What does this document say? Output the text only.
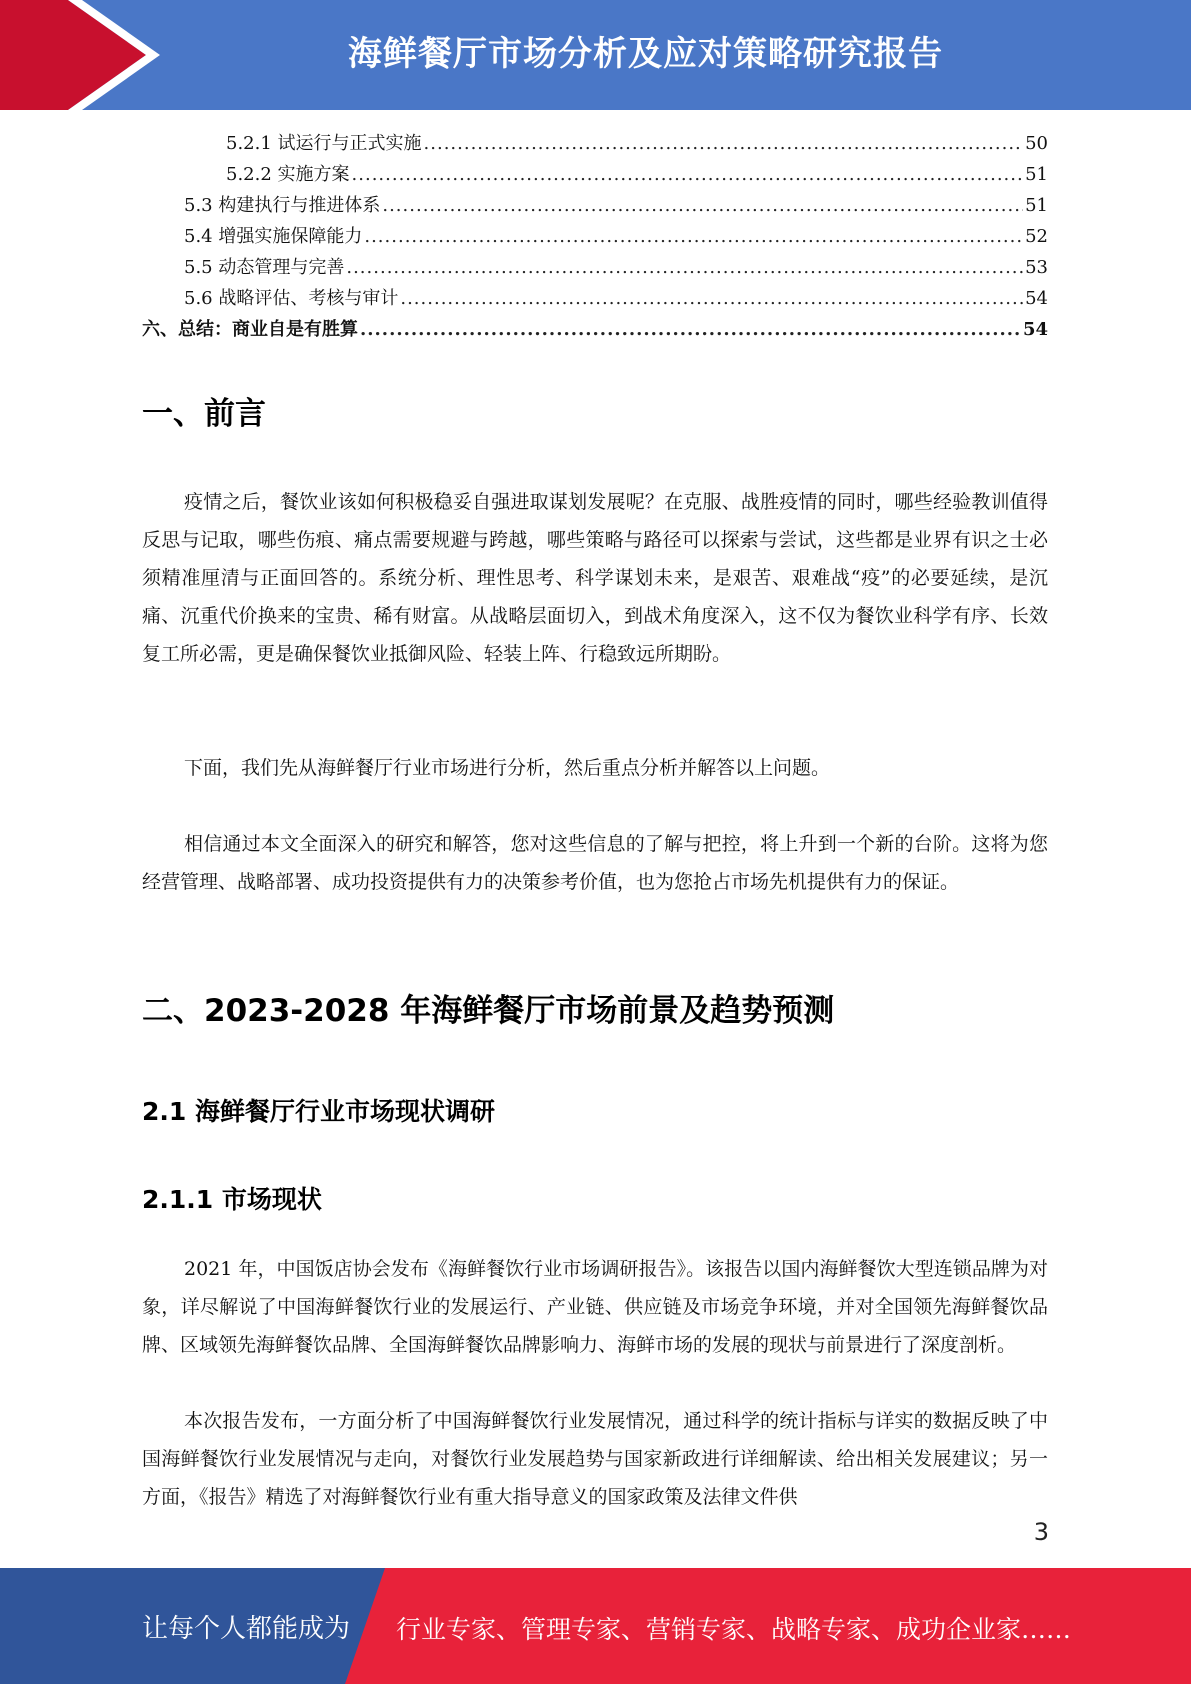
海鲜餐厅市场分析及应对策略研究报告
5.2.1 试运行与正式实施 .....	50
5.2.2 实施方案 .....	51
5.3 构建执行与推进体系 .....	51
5.4 增强实施保障能力 .....	52
5.5 动态管理与完善 .....	53
5.6 战略评估、考核与审计 .....	54
六、总结：商业自是有胜算 .....	54
一、前言

疫情之后，餐饮业该如何积极稳妥自强进取谋划发展呢？在克服、战胜疫情的同时，哪些经验教训值得反思与记取，哪些伤痕、痛点需要规避与跨越，哪些策略与路径可以探索与尝试，这些都是业界有识之士必须精准厘清与正面回答的。系统分析、理性思考、科学谋划未来，是艰苦、艰难战“疫”的必要延续，是沉痛、沉重代价换来的宝贵、稀有财富。从战略层面切入，到战术角度深入，这不仅为餐饮业科学有序、长效复工所必需，更是确保餐饮业抵御风险、轻装上阵、行稳致远所期盼。

下面，我们先从海鲜餐厅行业市场进行分析，然后重点分析并解答以上问题。

相信通过本文全面深入的研究和解答，您对这些信息的了解与把控，将上升到一个新的台阶。这将为您经营管理、战略部署、成功投资提供有力的决策参考价值，也为您抢占市场先机提供有力的保证。

二、2023-2028 年海鲜餐厅市场前景及趋势预测
2.1 海鲜餐厅行业市场现状调研
2.1.1 市场现状

2021 年，中国饭店协会发布《海鲜餐饮行业市场调研报告》。该报告以国内海鲜餐饮大型连锁品牌为对象，详尽解说了中国海鲜餐饮行业的发展运行、产业链、供应链及市场竞争环境，并对全国领先海鲜餐饮品牌、区域领先海鲜餐饮品牌、全国海鲜餐饮品牌影响力、海鲜市场的发展的现状与前景进行了深度剖析。

本次报告发布，一方面分析了中国海鲜餐饮行业发展情况，通过科学的统计指标与详实的数据反映了中国海鲜餐饮行业发展情况与走向，对餐饮行业发展趋势与国家新政进行详细解读、给出相关发展建议；另一方面，《报告》精选了对海鲜餐饮行业有重大指导意义的国家政策及法律文件供

3
让每个人都能成为 行业专家、管理专家、营销专家、战略专家、成功企业家……
